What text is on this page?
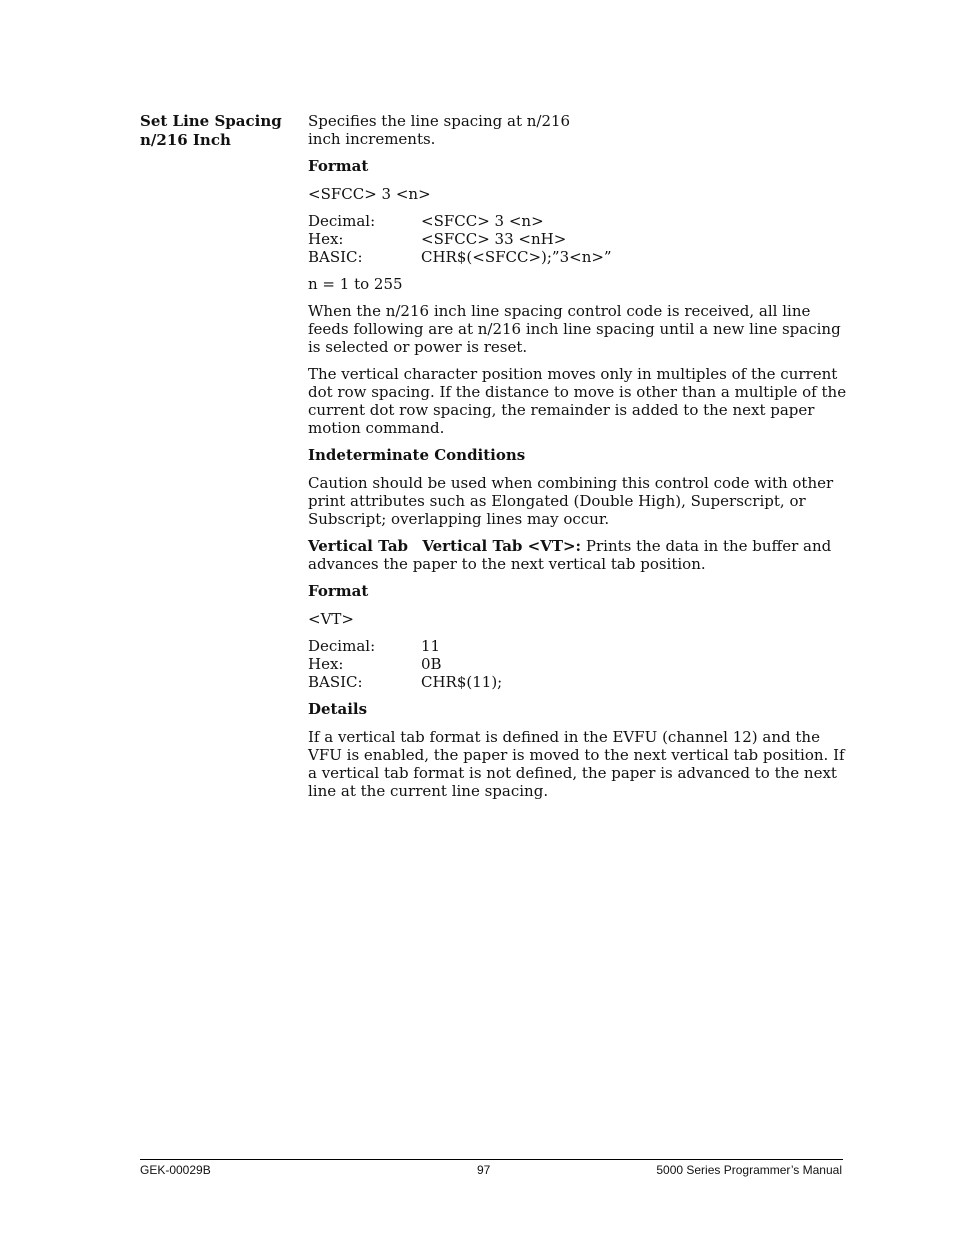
Set Line Spacing
n/216 Inch

Specifies the line spacing at n/216
inch increments.

Format

<SFCC> 3 <n>

Decimal:	<SFCC> 3 <n>
Hex:	<SFCC> 33 <nH>
BASIC:	CHR$(<SFCC>);”3<n>”

n = 1 to 255

When the n/216 inch line spacing control code is received, all line feeds following are at n/216 inch line spacing until a new line spacing is selected or power is reset.

The vertical character position moves only in multiples of the current dot row spacing. If the distance to move is other than a multiple of the current dot row spacing, the remainder is added to the next paper motion command.

Indeterminate Conditions

Caution should be used when combining this control code with other print attributes such as Elongated (Double High), Superscript, or Subscript; overlapping lines may occur.

Vertical Tab Vertical Tab <VT>: Prints the data in the buffer and advances the paper to the next vertical tab position.

Format

<VT>

Decimal:	11
Hex:	0B
BASIC:	CHR$(11);
Details

If a vertical tab format is defined in the EVFU (channel 12) and the VFU is enabled, the paper is moved to the next vertical tab position. If a vertical tab format is not defined, the paper is advanced to the next line at the current line spacing.

GEK-00029B	97	5000 Series Programmer’s Manual
